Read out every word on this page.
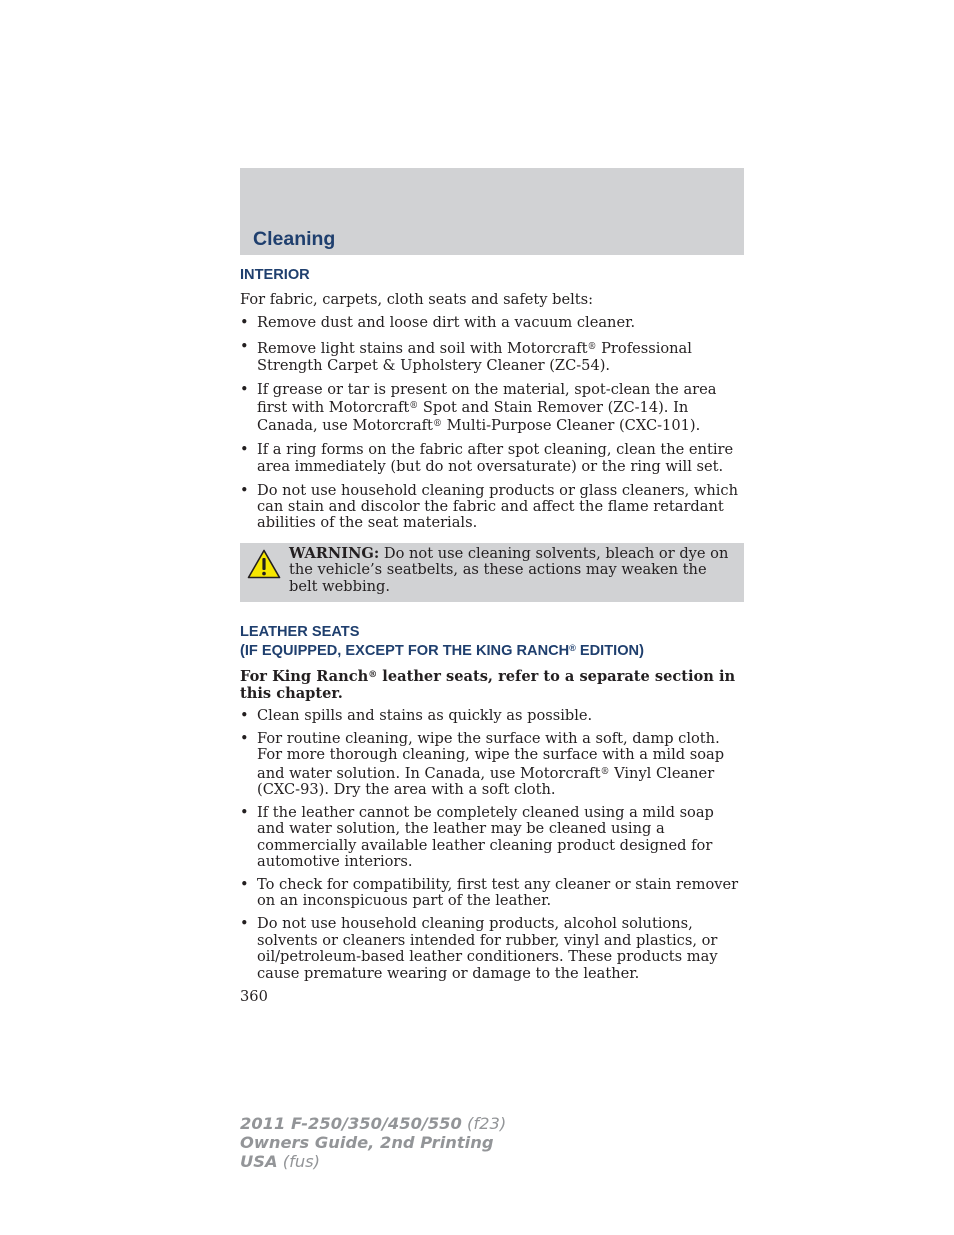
Cleaning
INTERIOR

For fabric, carpets, cloth seats and safety belts:

• Remove dust and loose dirt with a vacuum cleaner.
• Remove light stains and soil with Motorcraft® Professional Strength Carpet & Upholstery Cleaner (ZC-54).
• If grease or tar is present on the material, spot-clean the area first with Motorcraft® Spot and Stain Remover (ZC-14). In Canada, use Motorcraft® Multi-Purpose Cleaner (CXC-101).
• If a ring forms on the fabric after spot cleaning, clean the entire area immediately (but do not oversaturate) or the ring will set.
• Do not use household cleaning products or glass cleaners, which can stain and discolor the fabric and affect the flame retardant abilities of the seat materials.
WARNING: Do not use cleaning solvents, bleach or dye on the vehicle’s seatbelts, as these actions may weaken the belt webbing.
LEATHER SEATS
(IF EQUIPPED, EXCEPT FOR THE KING RANCH® EDITION)

For King Ranch® leather seats, refer to a separate section in this chapter.

• Clean spills and stains as quickly as possible.
• For routine cleaning, wipe the surface with a soft, damp cloth. For more thorough cleaning, wipe the surface with a mild soap and water solution. In Canada, use Motorcraft® Vinyl Cleaner (CXC-93). Dry the area with a soft cloth.
• If the leather cannot be completely cleaned using a mild soap and water solution, the leather may be cleaned using a commercially available leather cleaning product designed for automotive interiors.
• To check for compatibility, first test any cleaner or stain remover on an inconspicuous part of the leather.
• Do not use household cleaning products, alcohol solutions, solvents or cleaners intended for rubber, vinyl and plastics, or oil/petroleum-based leather conditioners. These products may cause premature wearing or damage to the leather.

360

2011 F-250/350/450/550 (f23)
Owners Guide, 2nd Printing
USA (fus)
